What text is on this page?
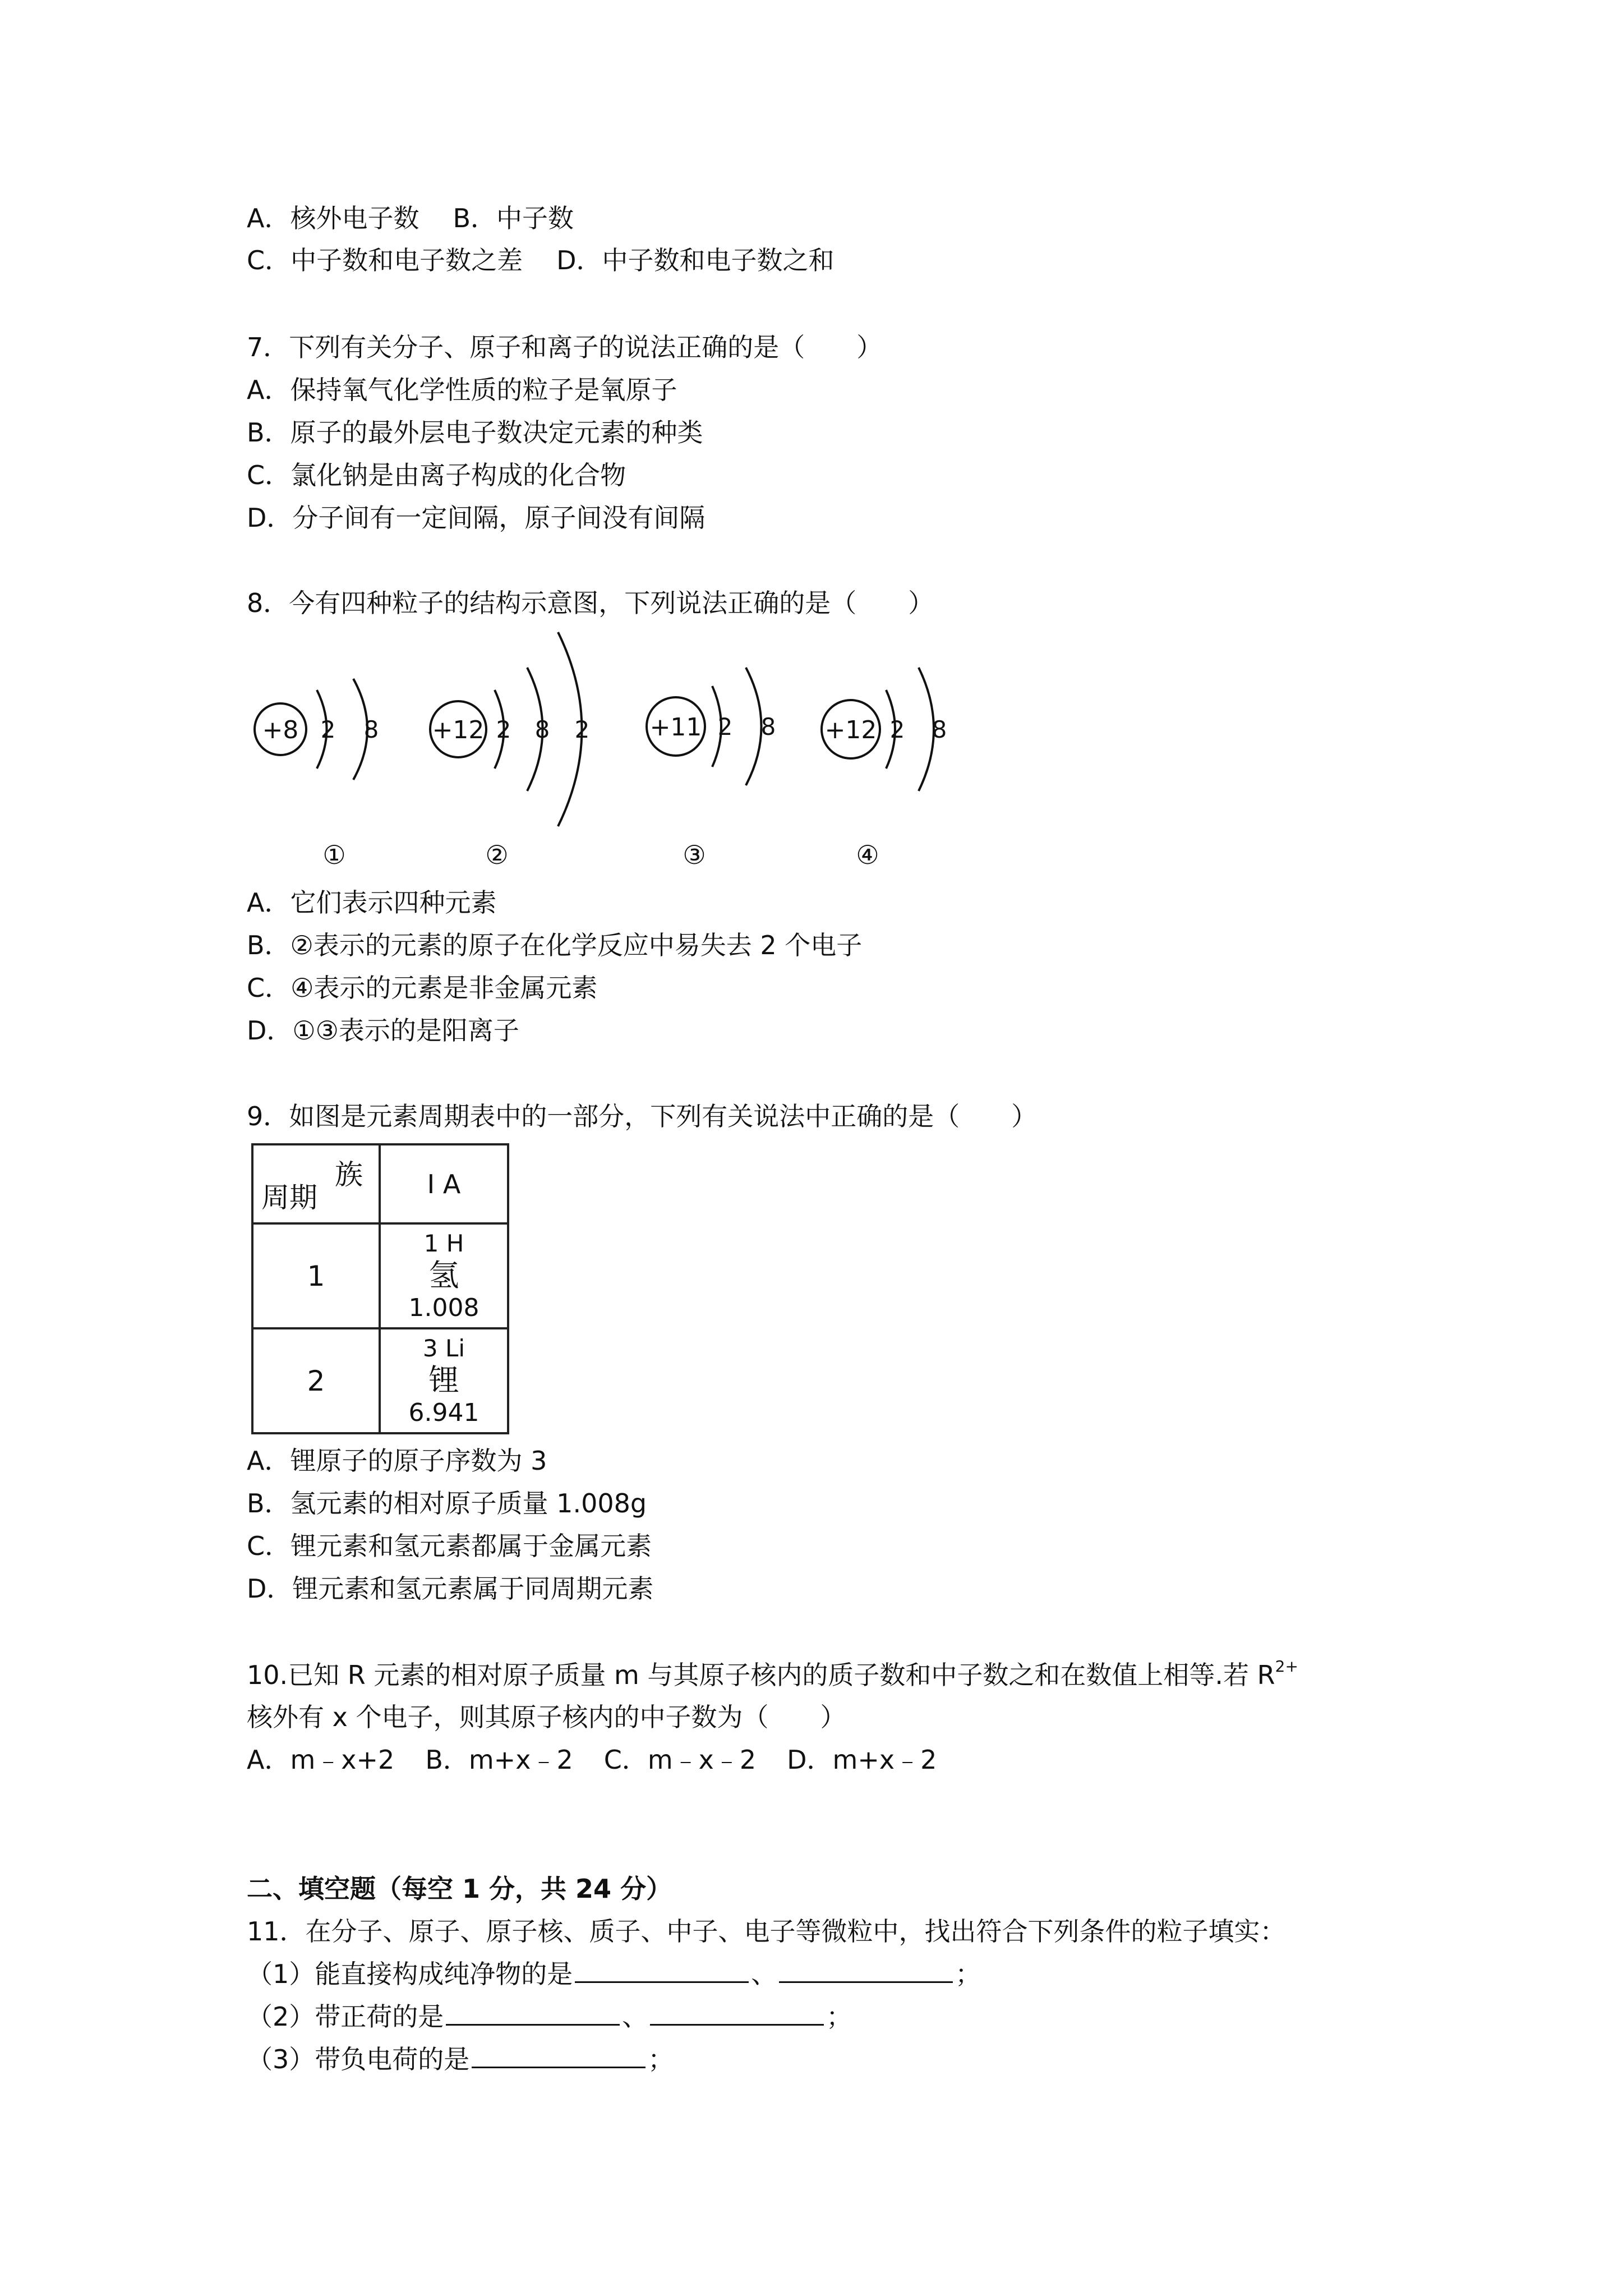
A．核外电子数 B．中子数
C．中子数和电子数之差 D．中子数和电子数之和
7．下列有关分子、原子和离子的说法正确的是（　　）
A．保持氧气化学性质的粒子是氧原子
B．原子的最外层电子数决定元素的种类
C．氯化钠是由离子构成的化合物
D．分子间有一定间隔，原子间没有间隔
8．今有四种粒子的结构示意图，下列说法正确的是（　　）
+8 2 8
①
+12 2 8 2
②
+11 2 8
③
+12 2 8
④
A．它们表示四种元素
B．②表示的元素的原子在化学反应中易失去 2 个电子
C．④表示的元素是非金属元素
D．①③表示的是阳离子
9．如图是元素周期表中的一部分，下列有关说法中正确的是（　　）
族
周期	I A
1	1 H
氢
1.008

2	3 Li
锂
6.941
A．锂原子的原子序数为 3
B．氢元素的相对原子质量 1.008g
C．锂元素和氢元素都属于金属元素
D．锂元素和氢元素属于同周期元素
10.已知 R 元素的相对原子质量 m 与其原子核内的质子数和中子数之和在数值上相等.若 $R^{2+}$
核外有 x 个电子，则其原子核内的中子数为（　　）
A．m﹣x+2 B．m+x﹣2 C．m﹣x﹣2 D．m+x﹣2
二、填空题（每空 1 分，共 24 分）
11．在分子、原子、原子核、质子、中子、电子等微粒中，找出符合下列条件的粒子填实：
（1）能直接构成纯净物的是	、	；
（2）带正荷的是	、	；
（3）带负电荷的是	；
